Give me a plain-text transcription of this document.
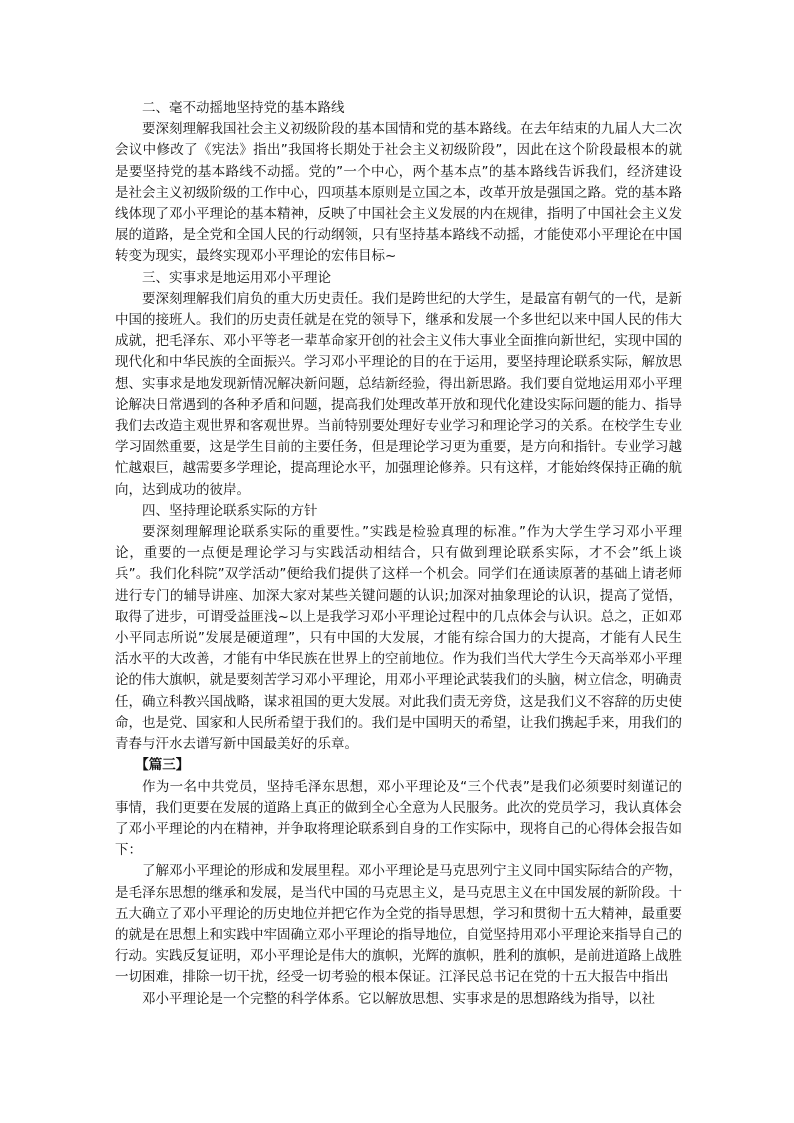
二、毫不动摇地坚持党的基本路线

要深刻理解我国社会主义初级阶段的基本国情和党的基本路线。在去年结束的九届人大二次会议中修改了《宪法》指出”我国将长期处于社会主义初级阶段”，因此在这个阶段最根本的就是要坚持党的基本路线不动摇。党的”一个中心，两个基本点”的基本路线告诉我们，经济建设是社会主义初级阶级的工作中心，四项基本原则是立国之本，改革开放是强国之路。党的基本路线体现了邓小平理论的基本精神，反映了中国社会主义发展的内在规律，指明了中国社会主义发展的道路，是全党和全国人民的行动纲领，只有坚持基本路线不动摇，才能使邓小平理论在中国转变为现实，最终实现邓小平理论的宏伟目标~

三、实事求是地运用邓小平理论

要深刻理解我们肩负的重大历史责任。我们是跨世纪的大学生，是最富有朝气的一代，是新中国的接班人。我们的历史责任就是在党的领导下，继承和发展一个多世纪以来中国人民的伟大成就，把毛泽东、邓小平等老一辈革命家开创的社会主义伟大事业全面推向新世纪，实现中国的现代化和中华民族的全面振兴。学习邓小平理论的目的在于运用，要坚持理论联系实际，解放思想、实事求是地发现新情况解决新问题，总结新经验，得出新思路。我们要自觉地运用邓小平理论解决日常遇到的各种矛盾和问题，提高我们处理改革开放和现代化建设实际问题的能力、指导我们去改造主观世界和客观世界。当前特别要处理好专业学习和理论学习的关系。在校学生专业学习固然重要，这是学生目前的主要任务，但是理论学习更为重要，是方向和指针。专业学习越忙越艰巨，越需要多学理论，提高理论水平，加强理论修养。只有这样，才能始终保持正确的航向，达到成功的彼岸。

四、坚持理论联系实际的方针

要深刻理解理论联系实际的重要性。”实践是检验真理的标准。”作为大学生学习邓小平理论，重要的一点便是理论学习与实践活动相结合，只有做到理论联系实际，才不会”纸上谈兵”。我们化科院”双学活动”便给我们提供了这样一个机会。同学们在通读原著的基础上请老师进行专门的辅导讲座、加深大家对某些关键问题的认识;加深对抽象理论的认识，提高了觉悟，取得了进步，可谓受益匪浅~以上是我学习邓小平理论过程中的几点体会与认识。总之，正如邓小平同志所说”发展是硬道理”，只有中国的大发展，才能有综合国力的大提高，才能有人民生活水平的大改善，才能有中华民族在世界上的空前地位。作为我们当代大学生今天高举邓小平理论的伟大旗帜，就是要刻苦学习邓小平理论，用邓小平理论武装我们的头脑，树立信念，明确责任，确立科教兴国战略，谋求祖国的更大发展。对此我们责无旁贷，这是我们义不容辞的历史使命，也是党、国家和人民所希望于我们的。我们是中国明天的希望，让我们携起手来，用我们的青春与汗水去谱写新中国最美好的乐章。

【篇三】

作为一名中共党员，坚持毛泽东思想，邓小平理论及“三个代表”是我们必须要时刻谨记的事情，我们更要在发展的道路上真正的做到全心全意为人民服务。此次的党员学习，我认真体会了邓小平理论的内在精神，并争取将理论联系到自身的工作实际中，现将自己的心得体会报告如下：

了解邓小平理论的形成和发展里程。邓小平理论是马克思列宁主义同中国实际结合的产物，是毛泽东思想的继承和发展，是当代中国的马克思主义，是马克思主义在中国发展的新阶段。十五大确立了邓小平理论的历史地位并把它作为全党的指导思想，学习和贯彻十五大精神，最重要的就是在思想上和实践中牢固确立邓小平理论的指导地位，自觉坚持用邓小平理论来指导自己的行动。实践反复证明，邓小平理论是伟大的旗帜，光辉的旗帜，胜利的旗帜，是前进道路上战胜一切困难，排除一切干扰，经受一切考验的根本保证。江泽民总书记在党的十五大报告中指出

邓小平理论是一个完整的科学体系。它以解放思想、实事求是的思想路线为指导，以社
